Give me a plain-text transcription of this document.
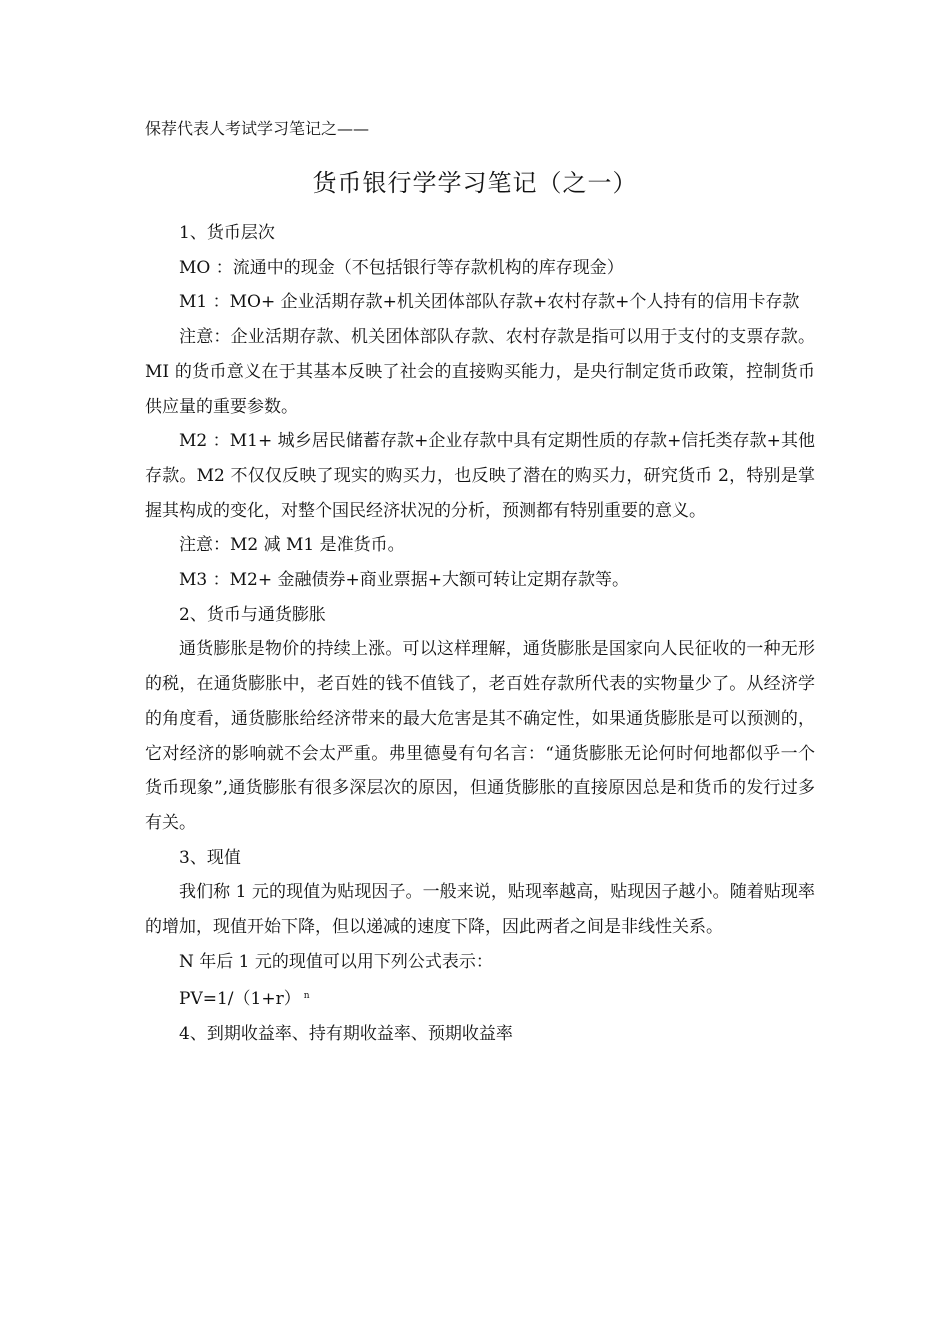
保荐代表人考试学习笔记之——
货币银行学学习笔记（之一）

1、货币层次

MO ：流通中的现金（不包括银行等存款机构的库存现金）

M1 ：MO+ 企业活期存款+机关团体部队存款+农村存款+个人持有的信用卡存款

注意：企业活期存款、机关团体部队存款、农村存款是指可以用于支付的支票存款。MI 的货币意义在于其基本反映了社会的直接购买能力，是央行制定货币政策，控制货币供应量的重要参数。

M2 ：M1+ 城乡居民储蓄存款+企业存款中具有定期性质的存款+信托类存款+其他存款。M2 不仅仅反映了现实的购买力，也反映了潜在的购买力，研究货币 2，特别是掌握其构成的变化，对整个国民经济状况的分析，预测都有特别重要的意义。

注意：M2 减 M1 是准货币。

M3 ：M2+ 金融债券+商业票据+大额可转让定期存款等。

2、货币与通货膨胀

通货膨胀是物价的持续上涨。可以这样理解，通货膨胀是国家向人民征收的一种无形的税，在通货膨胀中，老百姓的钱不值钱了，老百姓存款所代表的实物量少了。从经济学的角度看，通货膨胀给经济带来的最大危害是其不确定性，如果通货膨胀是可以预测的，它对经济的影响就不会太严重。弗里德曼有句名言：“通货膨胀无论何时何地都似乎一个货币现象”,通货膨胀有很多深层次的原因，但通货膨胀的直接原因总是和货币的发行过多有关。

3、现值

我们称 1 元的现值为贴现因子。一般来说，贴现率越高，贴现因子越小。随着贴现率的增加，现值开始下降，但以递减的速度下降，因此两者之间是非线性关系。

N 年后 1 元的现值可以用下列公式表示：

PV=1/（1+r） $^n$

4、到期收益率、持有期收益率、预期收益率
